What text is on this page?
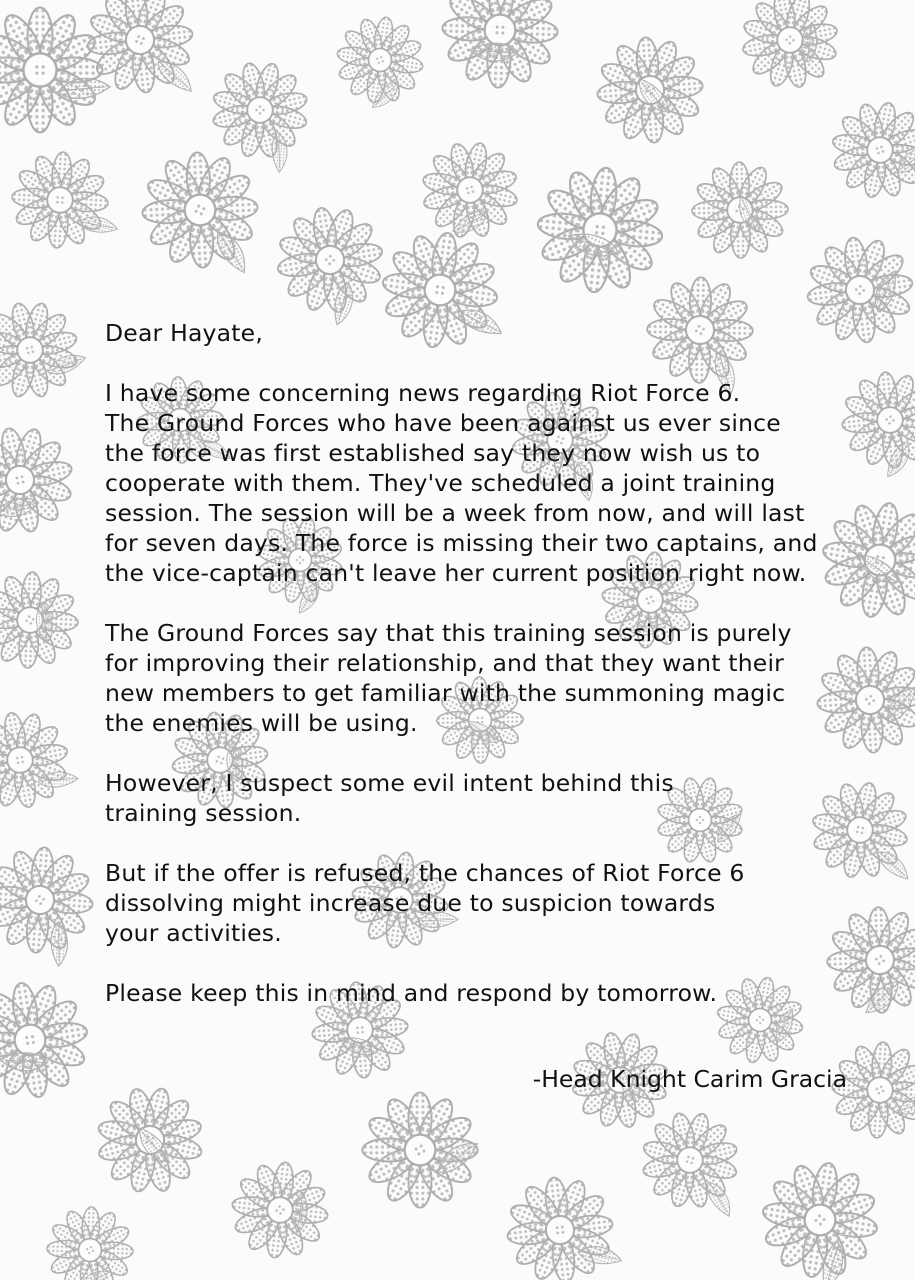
Dear Hayate,

I have some concerning news regarding Riot Force 6.
The Ground Forces who have been against us ever since
the force was first established say they now wish us to
cooperate with them. They've scheduled a joint training
session. The session will be a week from now, and will last
for seven days. The force is missing their two captains, and
the vice-captain can't leave her current position right now.

The Ground Forces say that this training session is purely
for improving their relationship, and that they want their
new members to get familiar with the summoning magic
the enemies will be using.

However, I suspect some evil intent behind this
training session.

But if the offer is refused, the chances of Riot Force 6
dissolving might increase due to suspicion towards
your activities.

Please keep this in mind and respond by tomorrow.

-Head Knight Carim Gracia
